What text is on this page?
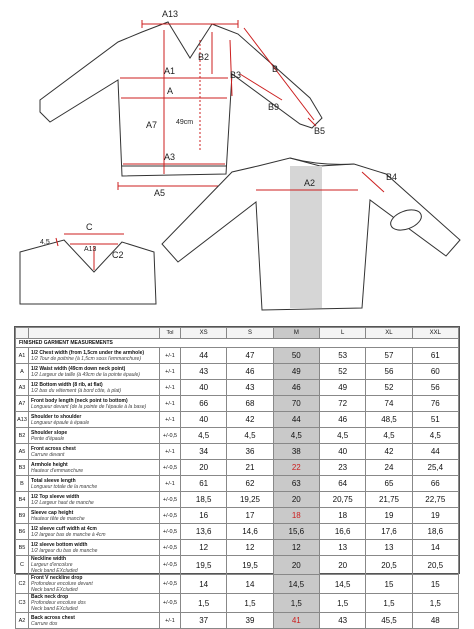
A13
A1
A
A7	49cm
A3
A5
B2
B3
B
B9
B5
A2
B4
C
A13
C2
4,5
		Tol	XS	S	M	L	XL	XXL
FINISHED GARMENT MEASUREMENTS								
A1	1/2 Chest width (from 1,5cm under the armhole)
1/2 Tour de poitrine (à 1,5cm sous l'emmanchure)	+/-1	44	47	50	53	57	61
A	1/2 Waist width (49cm down neck point)
1/2 Largeur de taille (à 49cm de la pointe épaule)	+/-1	43	46	49	52	56	60
A3	1/2 Bottom width (8 rib, at flat)
1/2 bas du vêtement (à bord côte, à plat)	+/-1	40	43	46	49	52	56
A7	Front body length (neck point to bottom)
Longueur devant (de la pointe de l'épaule à la base)	+/-1	66	68	70	72	74	76
A13	Shoulder to shoulder
Longueur épaule à épaule	+/-1	40	42	44	46	48,5	51
B2	Shoulder slope
Pente d'épaule	+/-0,5	4,5	4,5	4,5	4,5	4,5	4,5
A5	Front across chest
Carrure devant	+/-1	34	36	38	40	42	44
B3	Armhole height
Hauteur d'emmanchure	+/-0,5	20	21	22	23	24	25,4
B	Total sleeve length
Longueur totale de la manche	+/-1	61	62	63	64	65	66
B4	1/2 Top sleeve width
1/2 Largeur haut de manche	+/-0,5	18,5	19,25	20	20,75	21,75	22,75
B9	Sleeve cap height
Hauteur tête de manche	+/-0,5	16	17	18	18	19	19
B6	1/2 sleeve cuff width at 4cm
1/2 largeur bas de manche à 4cm	+/-0,5	13,6	14,6	15,6	16,6	17,6	18,6
B5	1/2 sleeve bottom width
1/2 largeur du bas de manche	+/-0,5	12	12	12	13	13	14
C	Neckline width
Largeur d'encolure
Neck band EXcluded	+/-0,5	19,5	19,5	20	20	20,5	20,5
C2	Front V neckline drop
Profondeur encolure devant
Neck band EXcluded	+/-0,5	14	14	14,5	14,5	15	15
C3	Back neck drop
Profondeur encolure dos
Neck band EXcluded	+/-0,5	1,5	1,5	1,5	1,5	1,5	1,5
A2	Back across chest
Carrure dos	+/-1	37	39	41	43	45,5	48
